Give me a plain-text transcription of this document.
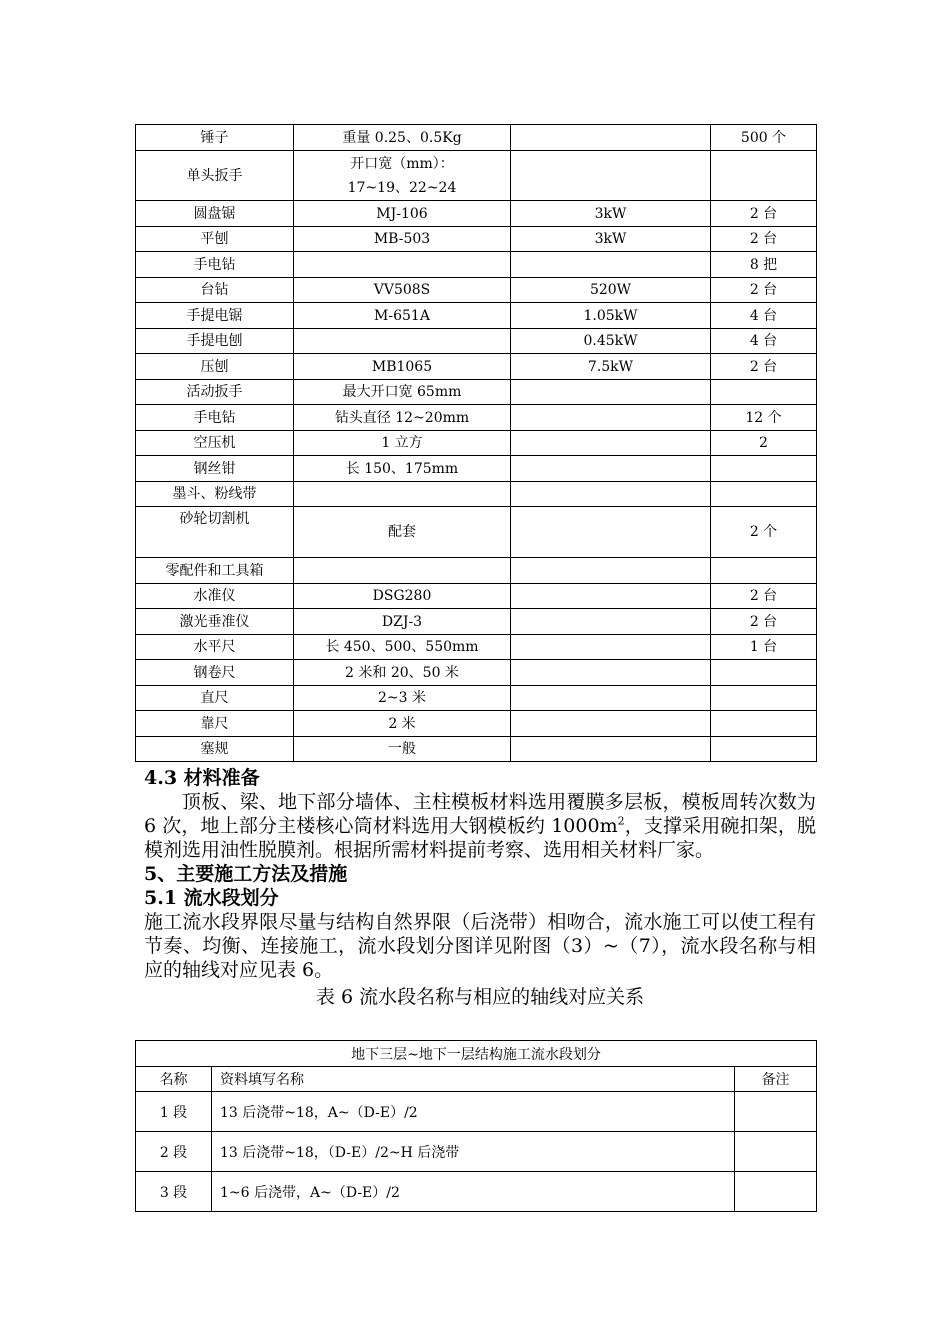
锤子	重量 0.25、0.5Kg		500 个
单头扳手	开口宽（mm）：
17~19、22~24		
圆盘锯	MJ-106	3kW	2 台
平刨	MB-503	3kW	2 台
手电钻			8 把
台钻	VV508S	520W	2 台
手提电锯	M-651A	1.05kW	4 台
手提电刨		0.45kW	4 台
压刨	MB1065	7.5kW	2 台
活动扳手	最大开口宽 65mm		
手电钻	钻头直径 12~20mm		12 个
空压机	1 立方		2
钢丝钳	长 150、175mm		
墨斗、粉线带			
砂轮切割机	配套		2 个
零配件和工具箱			
水准仪	DSG280		2 台
激光垂准仪	DZJ-3		2 台
水平尺	长 450、500、550mm		1 台
钢卷尺	2 米和 20、50 米		
直尺	2~3 米		
靠尺	2 米		
塞规	一般		

4.3 材料准备

顶板、梁、地下部分墙体、主柱模板材料选用覆膜多层板，模板周转次数为 6 次，地上部分主楼核心筒材料选用大钢模板约 $1000m^2$，支撑采用碗扣架，脱模剂选用油性脱膜剂。根据所需材料提前考察、选用相关材料厂家。

5、主要施工方法及措施

5.1 流水段划分

施工流水段界限尽量与结构自然界限（后浇带）相吻合，流水施工可以使工程有节奏、均衡、连接施工，流水段划分图详见附图（3）~（7），流水段名称与相应的轴线对应见表 6。

表 6 流水段名称与相应的轴线对应关系

地下三层~地下一层结构施工流水段划分		
名称	资料填写名称	备注
1 段	13 后浇带~18，A~（D-E）/2	
2 段	13 后浇带~18，（D-E）/2~H 后浇带	
3 段	1~6 后浇带，A~（D-E）/2	
